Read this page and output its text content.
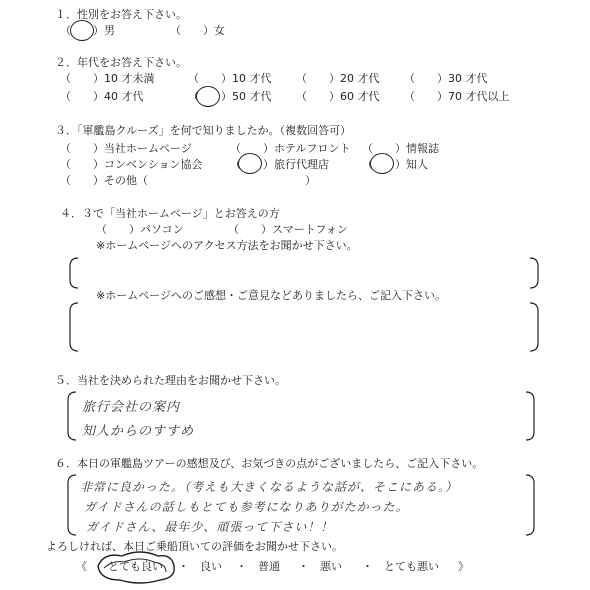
１．性別をお答え下さい。
（ ）男	（　　）女
２．年代をお答え下さい。
（　　）10 才未満	（　　）10 才代 （　　）20 才代 （　　）30 才代
（　　）40 才代	（　　）50 才代 （　　）60 才代 （　　）70 才代以上
３．「軍艦島クルーズ」を何で知りましたか。（複数回答可）
（　　）当社ホームページ	（　　）ホテルフロント （　　）情報誌
（　　）コンベンション協会 （　　）旅行代理店	（　　）知人
（　　）その他（	）
４．３で「当社ホームページ」とお答えの方
（　　）パソコン	（　　）スマートフォン
※ホームページへのアクセス方法をお聞かせ下さい。
※ホームページへのご感想・ご意見などありましたら、ご記入下さい。
５．当社を決められた理由をお聞かせ下さい。
旅行会社の案内
知人からのすすめ
６．本日の軍艦島ツアーの感想及び、お気づきの点がございましたら、ご記入下さい。
非常に良かった。（考えも大きくなるような話が、そこにある。）
ガイドさんの話しもとても参考になりありがたかった。
ガイドさん、最年少、頑張って下さい！！
よろしければ、本日ご乗船頂いての評価をお聞かせ下さい。
《 とても良い ・　良い ・　普通 ・　悪い ・　とても悪い 》
